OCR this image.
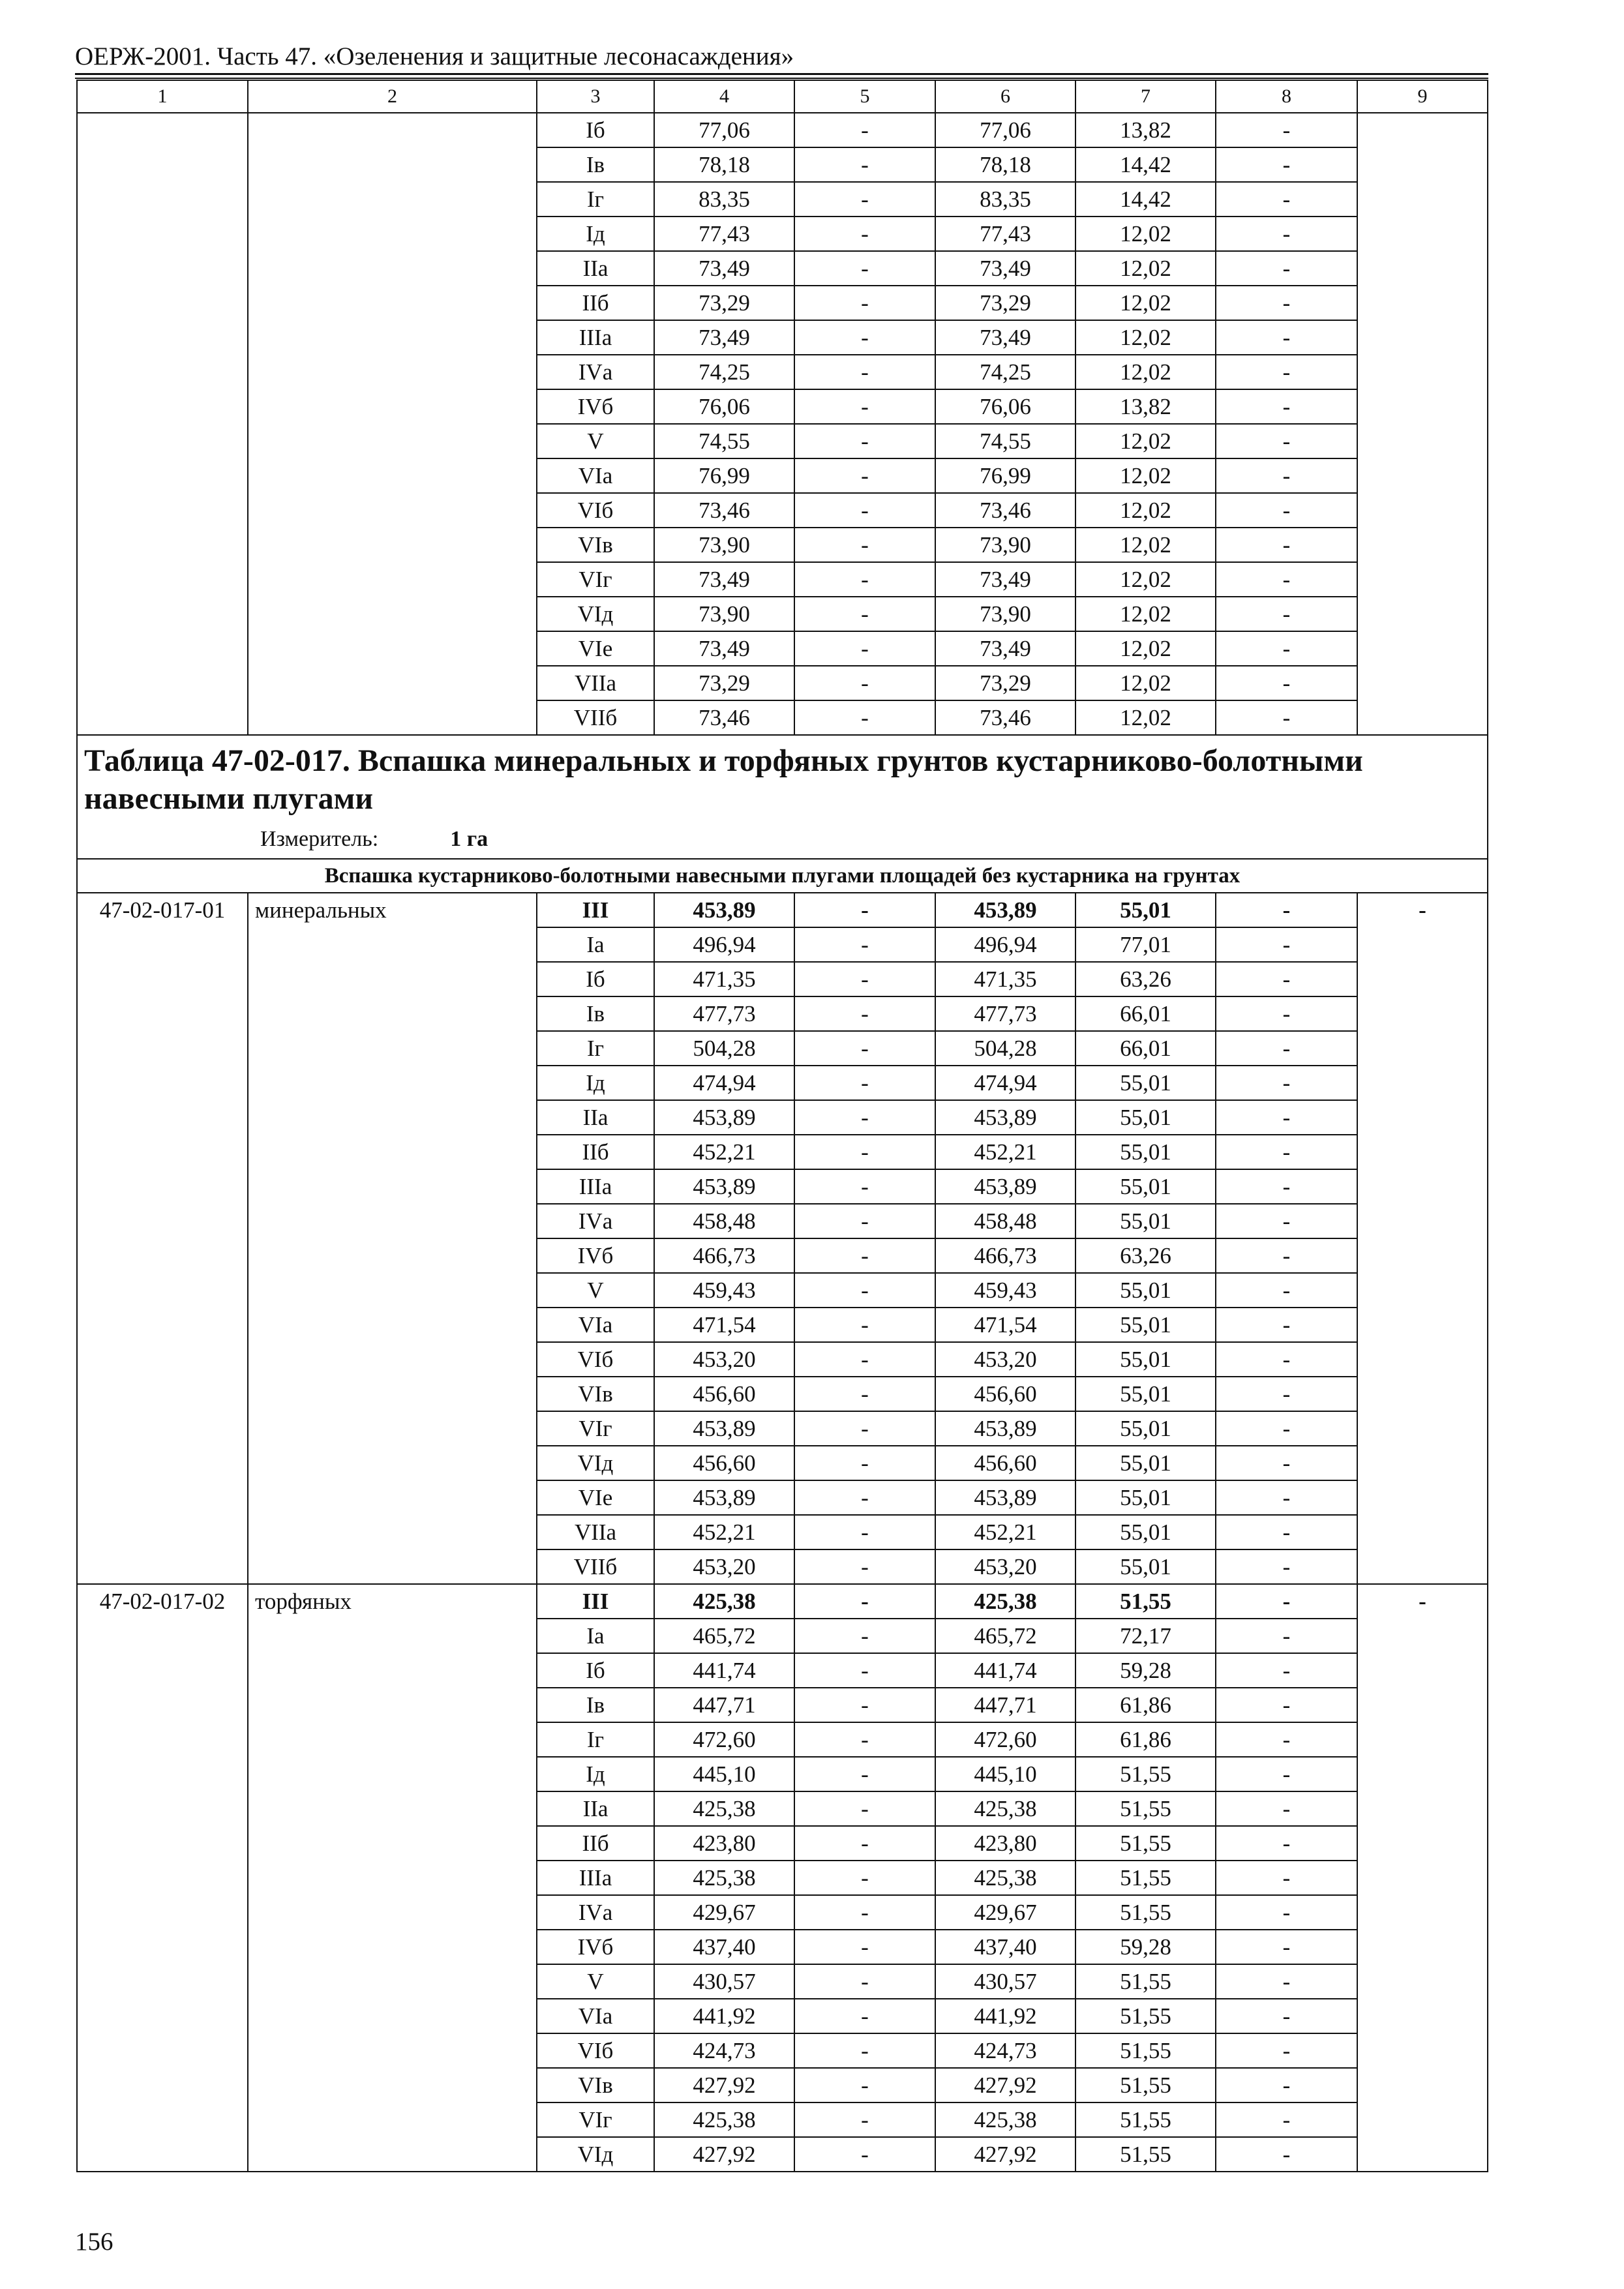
ОЕРЖ-2001. Часть 47. «Озеленения и защитные лесонасаждения»
1	2	3	4	5	6	7	8	9
		Iб	77,06	-	77,06	13,82	-	
		Iв	78,18	-	78,18	14,42	-	
		Iг	83,35	-	83,35	14,42	-	
		Iд	77,43	-	77,43	12,02	-	
		IIа	73,49	-	73,49	12,02	-	
		IIб	73,29	-	73,29	12,02	-	
		IIIа	73,49	-	73,49	12,02	-	
		IVа	74,25	-	74,25	12,02	-	
		IVб	76,06	-	76,06	13,82	-	
		V	74,55	-	74,55	12,02	-	
		VIа	76,99	-	76,99	12,02	-	
		VIб	73,46	-	73,46	12,02	-	
		VIв	73,90	-	73,90	12,02	-	
		VIг	73,49	-	73,49	12,02	-	
		VIд	73,90	-	73,90	12,02	-	
		VIе	73,49	-	73,49	12,02	-	
		VIIа	73,29	-	73,29	12,02	-	
		VIIб	73,46	-	73,46	12,02	-	

Таблица 47-02-017. Вспашка минеральных и торфяных грунтов кустарниково-болотными навесными плугами
Измеритель: 1 га								

Вспашка кустарниково-болотными навесными плугами площадей без кустарника на грунтах								
47-02-017-01	минеральных	III	453,89	-	453,89	55,01	-	-
		Iа	496,94	-	496,94	77,01	-	
		Iб	471,35	-	471,35	63,26	-	
		Iв	477,73	-	477,73	66,01	-	
		Iг	504,28	-	504,28	66,01	-	
		Iд	474,94	-	474,94	55,01	-	
		IIа	453,89	-	453,89	55,01	-	
		IIб	452,21	-	452,21	55,01	-	
		IIIа	453,89	-	453,89	55,01	-	
		IVа	458,48	-	458,48	55,01	-	
		IVб	466,73	-	466,73	63,26	-	
		V	459,43	-	459,43	55,01	-	
		VIа	471,54	-	471,54	55,01	-	
		VIб	453,20	-	453,20	55,01	-	
		VIв	456,60	-	456,60	55,01	-	
		VIг	453,89	-	453,89	55,01	-	
		VIд	456,60	-	456,60	55,01	-	
		VIе	453,89	-	453,89	55,01	-	
		VIIа	452,21	-	452,21	55,01	-	
		VIIб	453,20	-	453,20	55,01	-	
47-02-017-02	торфяных	III	425,38	-	425,38	51,55	-	-
		Iа	465,72	-	465,72	72,17	-	
		Iб	441,74	-	441,74	59,28	-	
		Iв	447,71	-	447,71	61,86	-	
		Iг	472,60	-	472,60	61,86	-	
		Iд	445,10	-	445,10	51,55	-	
		IIа	425,38	-	425,38	51,55	-	
		IIб	423,80	-	423,80	51,55	-	
		IIIа	425,38	-	425,38	51,55	-	
		IVа	429,67	-	429,67	51,55	-	
		IVб	437,40	-	437,40	59,28	-	
		V	430,57	-	430,57	51,55	-	
		VIа	441,92	-	441,92	51,55	-	
		VIб	424,73	-	424,73	51,55	-	
		VIв	427,92	-	427,92	51,55	-	
		VIг	425,38	-	425,38	51,55	-	
		VIд	427,92	-	427,92	51,55	-	
156
